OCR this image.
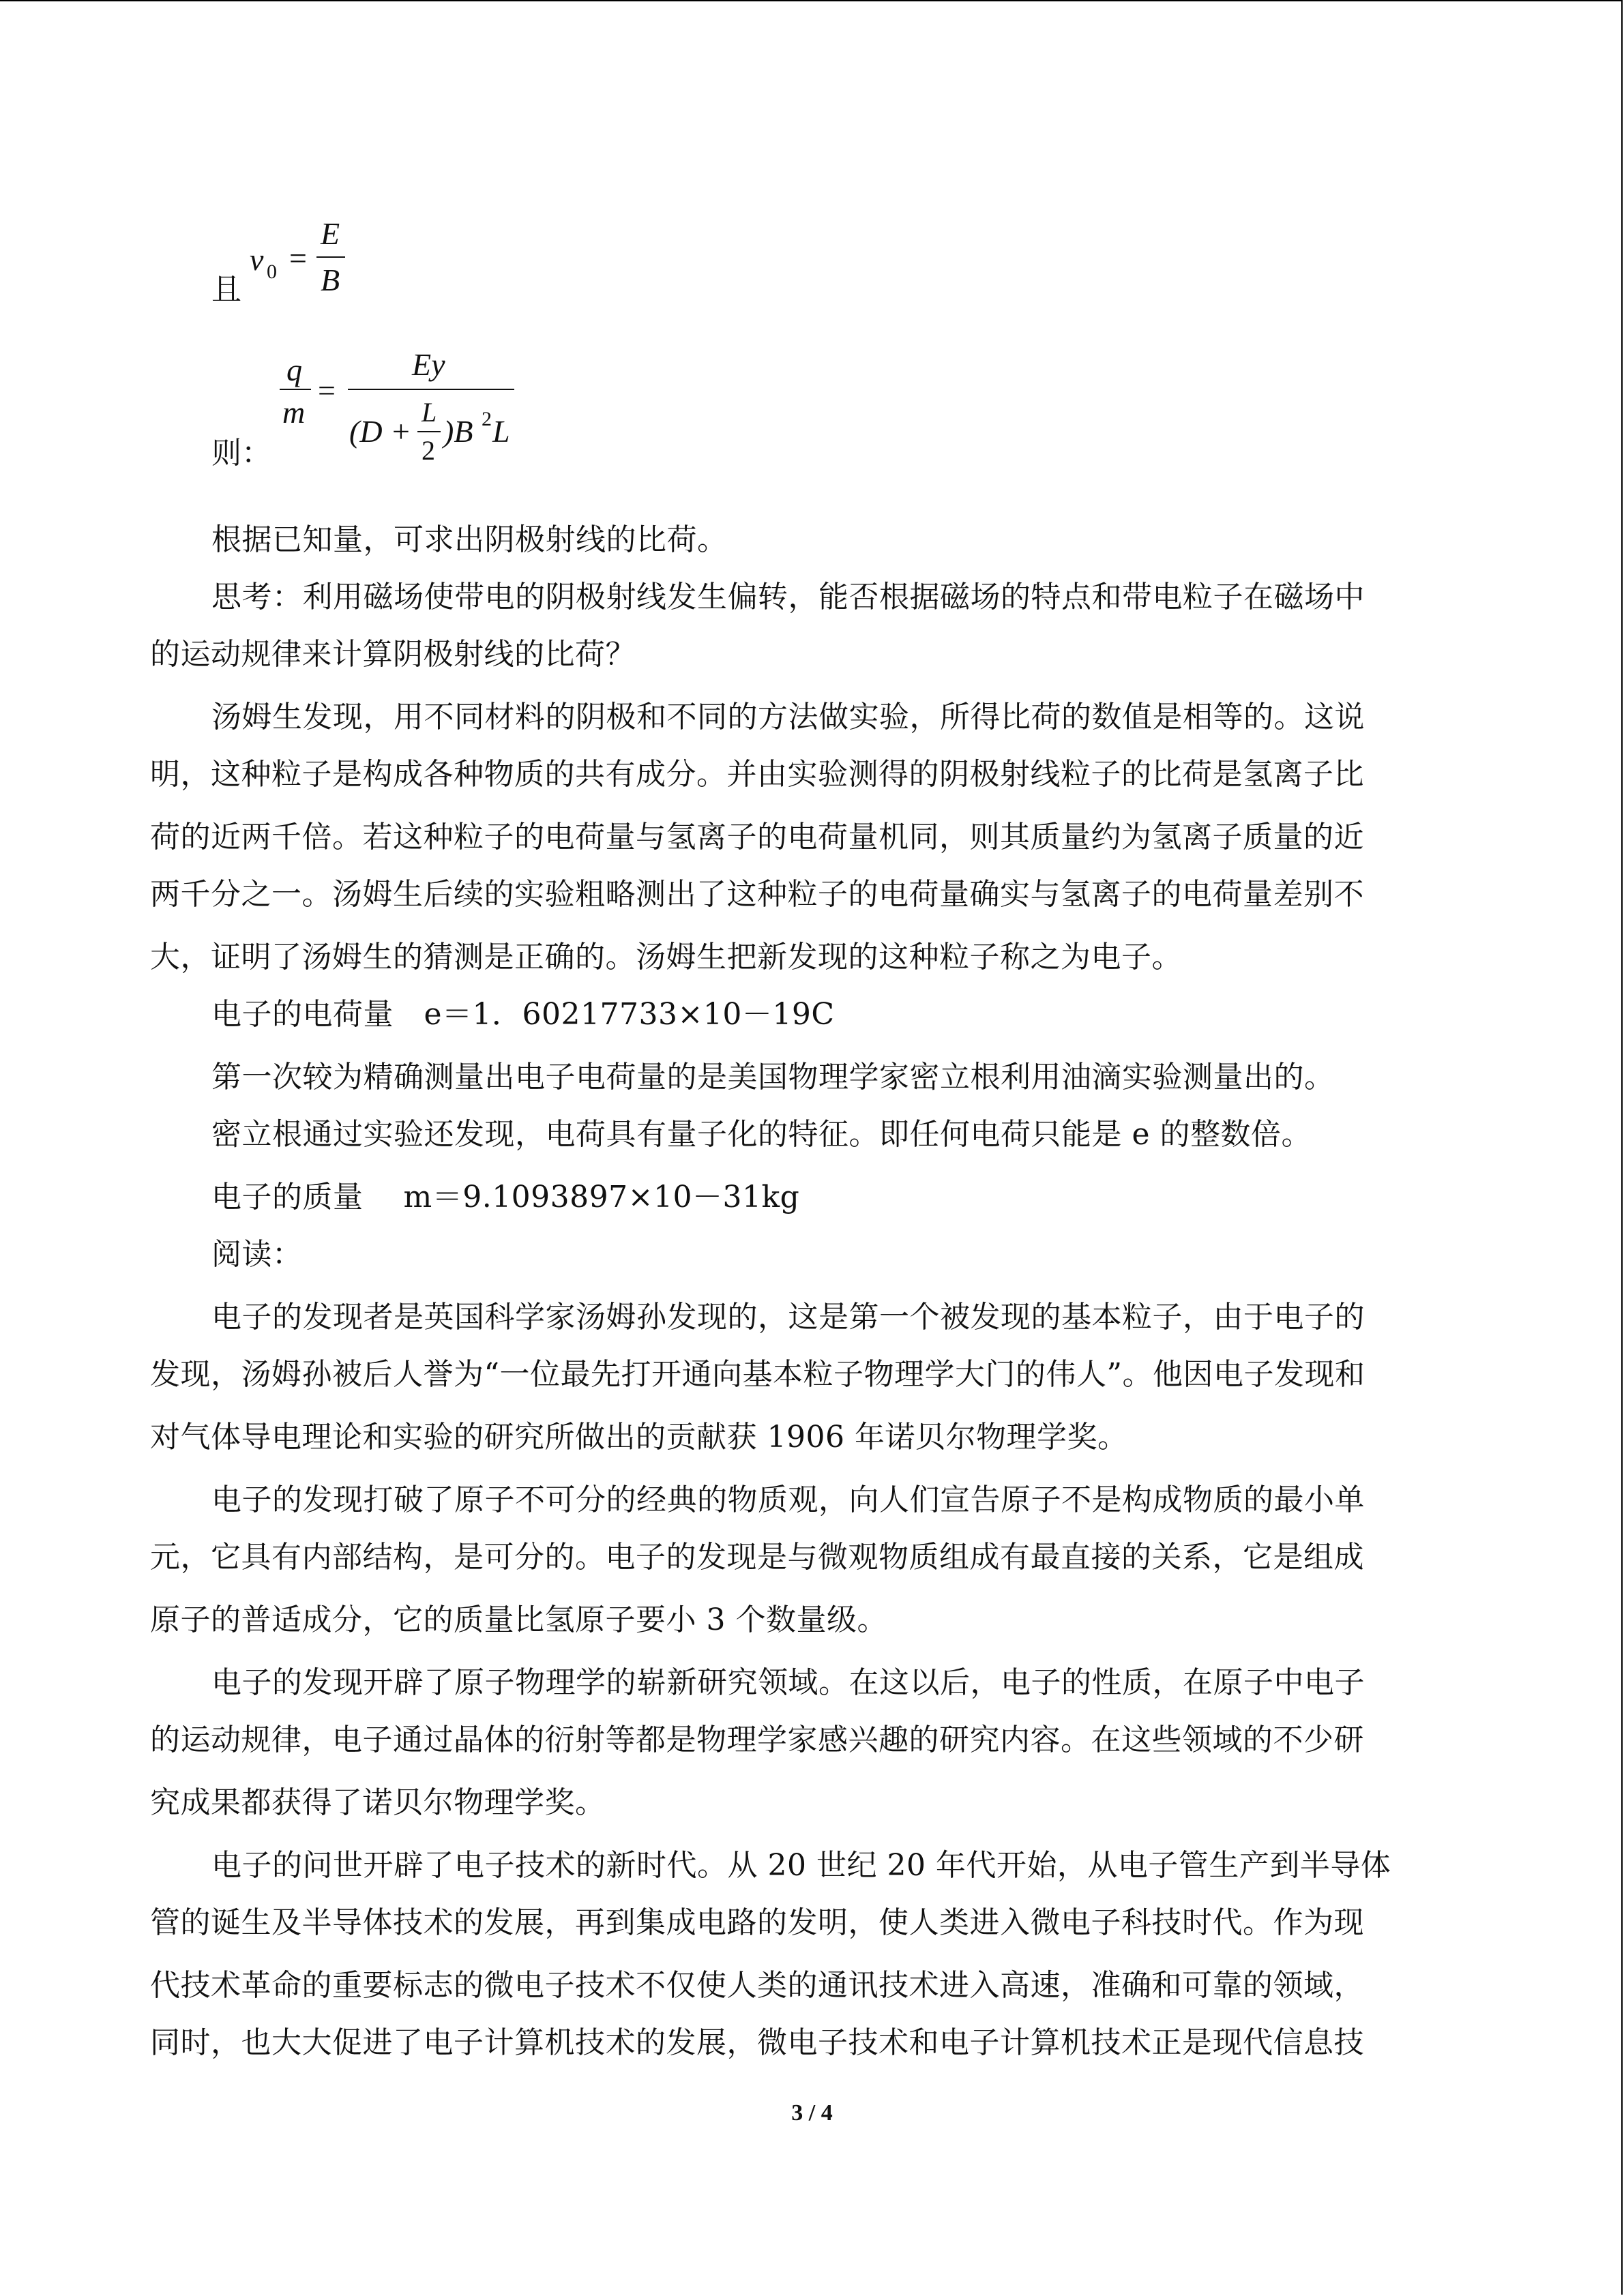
且
v 0 =
E
B
则：
q
m
=
Ey
(D +
L
2
)B 2 L
根据已知量，可求出阴极射线的比荷。
思考：利用磁场使带电的阴极射线发生偏转，能否根据磁场的特点和带电粒子在磁场中
的运动规律来计算阴极射线的比荷？
汤姆生发现，用不同材料的阴极和不同的方法做实验，所得比荷的数值是相等的。这说
明，这种粒子是构成各种物质的共有成分。并由实验测得的阴极射线粒子的比荷是氢离子比
荷的近两千倍。若这种粒子的电荷量与氢离子的电荷量机同，则其质量约为氢离子质量的近
两千分之一。汤姆生后续的实验粗略测出了这种粒子的电荷量确实与氢离子的电荷量差别不
大，证明了汤姆生的猜测是正确的。汤姆生把新发现的这种粒子称之为电子。
电子的电荷量　e＝1．60217733×10－19C
第一次较为精确测量出电子电荷量的是美国物理学家密立根利用油滴实验测量出的。
密立根通过实验还发现，电荷具有量子化的特征。即任何电荷只能是 e 的整数倍。
电子的质量　 m＝9.1093897×10－31kg
阅读：
电子的发现者是英国科学家汤姆孙发现的，这是第一个被发现的基本粒子，由于电子的
发现，汤姆孙被后人誉为“一位最先打开通向基本粒子物理学大门的伟人”。他因电子发现和
对气体导电理论和实验的研究所做出的贡献获 1906 年诺贝尔物理学奖。
电子的发现打破了原子不可分的经典的物质观，向人们宣告原子不是构成物质的最小单
元，它具有内部结构，是可分的。电子的发现是与微观物质组成有最直接的关系，它是组成
原子的普适成分，它的质量比氢原子要小 3 个数量级。
电子的发现开辟了原子物理学的崭新研究领域。在这以后，电子的性质，在原子中电子
的运动规律，电子通过晶体的衍射等都是物理学家感兴趣的研究内容。在这些领域的不少研
究成果都获得了诺贝尔物理学奖。
电子的问世开辟了电子技术的新时代。从 20 世纪 20 年代开始，从电子管生产到半导体
管的诞生及半导体技术的发展，再到集成电路的发明，使人类进入微电子科技时代。作为现
代技术革命的重要标志的微电子技术不仅使人类的通讯技术进入高速，准确和可靠的领域，
同时，也大大促进了电子计算机技术的发展，微电子技术和电子计算机技术正是现代信息技
3 / 4
